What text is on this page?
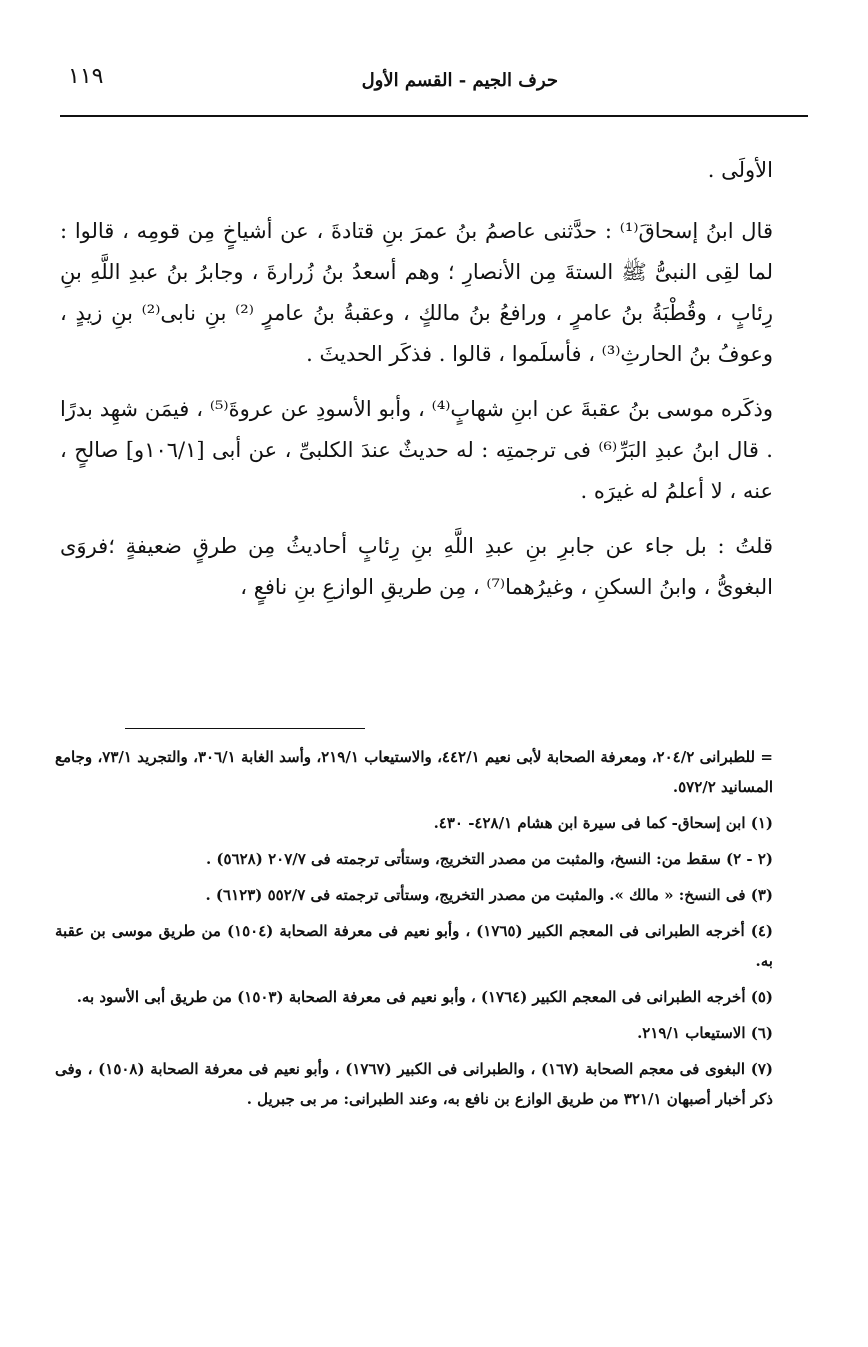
حرف الجيم - القسم الأول
١١٩

الأولَى .

قال ابنُ إسحاقَ⁽¹⁾ : حدَّثنى عاصمُ بنُ عمرَ بنِ قتادةَ ، عن أشياخٍ مِن قومِه ، قالوا : لما لقِى النبىُّ ﷺ الستةَ مِن الأنصارِ ؛ وهم أسعدُ بنُ زُرارةَ ، وجابرُ بنُ عبدِ اللَّهِ بنِ رِئابٍ ، وقُطْبَةُ بنُ عامرٍ ، ورافعُ بنُ مالكٍ ، وعقبةُ بنُ عامرٍ ⁽²⁾ بنِ نابى⁽²⁾ بنِ زيدٍ ، وعوفُ بنُ الحارثِ⁽³⁾ ، فأسلَموا ، قالوا . فذكَر الحديثَ .

وذكَره موسى بنُ عقبةَ عن ابنِ شهابٍ⁽⁴⁾ ، وأبو الأسودِ عن عروةَ⁽⁵⁾ ، فيمَن شهِد بدرًا . قال ابنُ عبدِ البَرِّ⁽⁶⁾ فى ترجمتِه : له حديثٌ عندَ الكلبىِّ ، عن أبى [١٠٦/١و] صالحٍ ، عنه ، لا أعلمُ له غيرَه .

قلتُ : بل جاء عن جابرِ بنِ عبدِ اللَّهِ بنِ رِئابٍ أحاديثُ مِن طرقٍ ضعيفةٍ ؛فروَى البغوىُّ ، وابنُ السكنِ ، وغيرُهما⁽⁷⁾ ، مِن طريقِ الوازعِ بنِ نافعٍ ،

= للطبرانى ٢٠٤/٢، ومعرفة الصحابة لأبى نعيم ٤٤٢/١، والاستيعاب ٢١٩/١، وأسد الغابة ٣٠٦/١، والتجريد ٧٣/١، وجامع المسانيد ٥٧٢/٢.

(١) ابن إسحاق- كما فى سيرة ابن هشام ٤٢٨/١- ٤٣٠.

(٢ - ٢) سقط من: النسخ، والمثبت من مصدر التخريج، وستأتى ترجمته فى ٢٠٧/٧ (٥٦٢٨) .

(٣) فى النسخ: « مالك ». والمثبت من مصدر التخريج، وستأتى ترجمته فى ٥٥٢/٧ (٦١٢٣) .

(٤) أخرجه الطبرانى فى المعجم الكبير (١٧٦٥) ، وأبو نعيم فى معرفة الصحابة (١٥٠٤) من طريق موسى بن عقبة به.

(٥) أخرجه الطبرانى فى المعجم الكبير (١٧٦٤) ، وأبو نعيم فى معرفة الصحابة (١٥٠٣) من طريق أبى الأسود به.

(٦) الاستيعاب ٢١٩/١.

(٧) البغوى فى معجم الصحابة (١٦٧) ، والطبرانى فى الكبير (١٧٦٧) ، وأبو نعيم فى معرفة الصحابة (١٥٠٨) ، وفى ذكر أخبار أصبهان ٣٢١/١ من طريق الوازع بن نافع به، وعند الطبرانى: مر بى جبريل .
